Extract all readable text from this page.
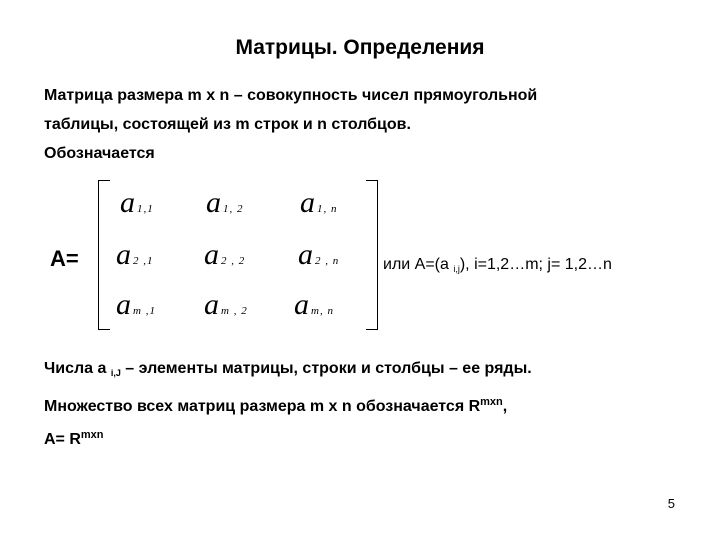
Матрицы. Определения
Матрица размера m x n – совокупность чисел прямоугольной
таблицы, состоящей из m строк и n столбцов.
Обозначается
A=
a 1,1 a 1, 2 a 1, n
a 2 ,1 a 2 , 2 a 2 , n
am ,1 am , 2 am, n
или A=(a $_{i,j}$), i=1,2…m; j= 1,2…n
Числа a $_{i,J}$ – элементы матрицы, строки и столбцы – ее ряды.
Множество всех матриц размера m x n обозначается $R^{mxn}$,
$A= R^{mxn}$
5
